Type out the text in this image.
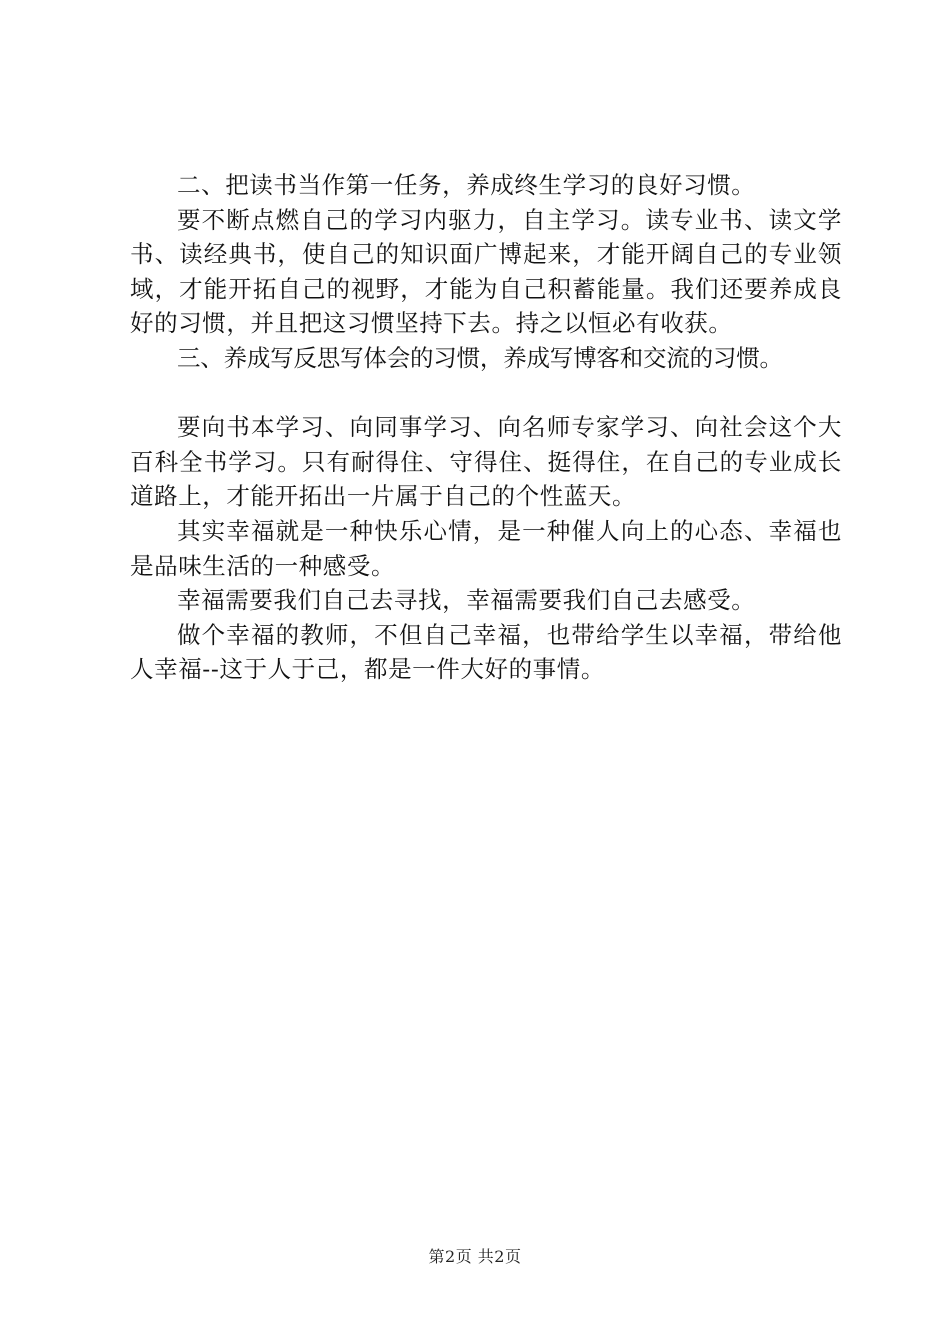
二、把读书当作第一任务，养成终生学习的良好习惯。

要不断点燃自己的学习内驱力，自主学习。读专业书、读文学书、读经典书，使自己的知识面广博起来，才能开阔自己的专业领域，才能开拓自己的视野，才能为自己积蓄能量。我们还要养成良好的习惯，并且把这习惯坚持下去。持之以恒必有收获。

三、养成写反思写体会的习惯，养成写博客和交流的习惯。

要向书本学习、向同事学习、向名师专家学习、向社会这个大百科全书学习。只有耐得住、守得住、挺得住，在自己的专业成长道路上，才能开拓出一片属于自己的个性蓝天。

其实幸福就是一种快乐心情，是一种催人向上的心态、幸福也是品味生活的一种感受。

幸福需要我们自己去寻找，幸福需要我们自己去感受。

做个幸福的教师，不但自己幸福，也带给学生以幸福，带给他人幸福--这于人于己，都是一件大好的事情。

第2页 共2页
